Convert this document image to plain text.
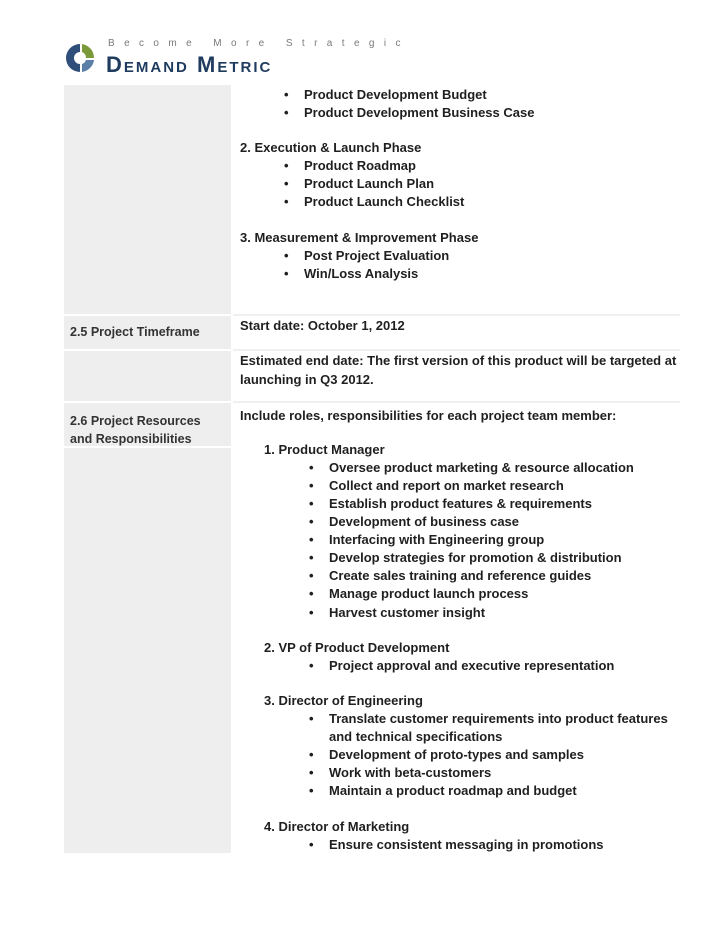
Become More Strategic
Demand Metric
2.5 Project Timeframe
2.6 Project Resources and Responsibilities
• Product Development Budget
• Product Development Business Case
2. Execution & Launch Phase
• Product Roadmap
• Product Launch Plan
• Product Launch Checklist
3. Measurement & Improvement Phase
• Post Project Evaluation
• Win/Loss Analysis
Start date: October 1, 2012
Estimated end date: The first version of this product will be targeted at
launching in Q3 2012.
Include roles, responsibilities for each project team member:
1. Product Manager
• Oversee product marketing & resource allocation
• Collect and report on market research
• Establish product features & requirements
• Development of business case
• Interfacing with Engineering group
• Develop strategies for promotion & distribution
• Create sales training and reference guides
• Manage product launch process
• Harvest customer insight
2. VP of Product Development
• Project approval and executive representation
3. Director of Engineering
• Translate customer requirements into product features
and technical specifications
• Development of proto-types and samples
• Work with beta-customers
• Maintain a product roadmap and budget
4. Director of Marketing
• Ensure consistent messaging in promotions
